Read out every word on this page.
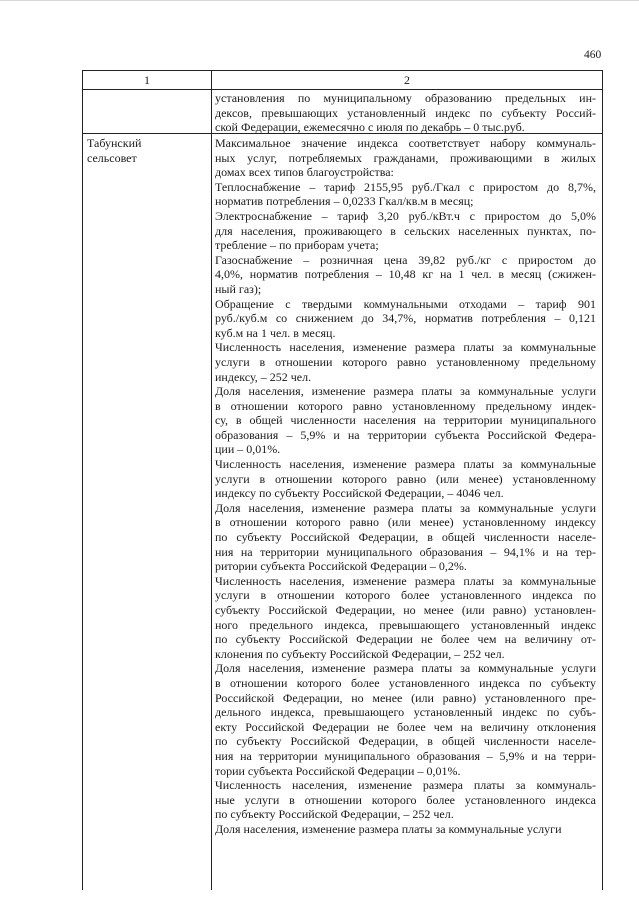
460
1	2
установления по муниципальному образованию предельных ин-
дексов, превышающих установленный индекс по субъекту Россий-
ской Федерации, ежемесячно с июля по декабрь – 0 тыс.руб.
Табунский
сельсовет
Максимальное значение индекса соответствует набору коммуналь-
ных услуг, потребляемых гражданами, проживающими в жилых
домах всех типов благоустройства:
Теплоснабжение – тариф 2155,95 руб./Гкал с приростом до 8,7%,
норматив потребления – 0,0233 Гкал/кв.м в месяц;
Электроснабжение – тариф 3,20 руб./кВт.ч с приростом до 5,0%
для населения, проживающего в сельских населенных пунктах, по-
требление – по приборам учета;
Газоснабжение – розничная цена 39,82 руб./кг с приростом до
4,0%, норматив потребления – 10,48 кг на 1 чел. в месяц (сжижен-
ный газ);
Обращение с твердыми коммунальными отходами – тариф 901
руб./куб.м со снижением до 34,7%, норматив потребления – 0,121
куб.м на 1 чел. в месяц.
Численность населения, изменение размера платы за коммунальные
услуги в отношении которого равно установленному предельному
индексу, – 252 чел.
Доля населения, изменение размера платы за коммунальные услуги
в отношении которого равно установленному предельному индек-
су, в общей численности населения на территории муниципального
образования – 5,9% и на территории субъекта Российской Федера-
ции – 0,01%.
Численность населения, изменение размера платы за коммунальные
услуги в отношении которого равно (или менее) установленному
индексу по субъекту Российской Федерации, – 4046 чел.
Доля населения, изменение размера платы за коммунальные услуги
в отношении которого равно (или менее) установленному индексу
по субъекту Российской Федерации, в общей численности населе-
ния на территории муниципального образования – 94,1% и на тер-
ритории субъекта Российской Федерации – 0,2%.
Численность населения, изменение размера платы за коммунальные
услуги в отношении которого более установленного индекса по
субъекту Российской Федерации, но менее (или равно) установлен-
ного предельного индекса, превышающего установленный индекс
по субъекту Российской Федерации не более чем на величину от-
клонения по субъекту Российской Федерации, – 252 чел.
Доля населения, изменение размера платы за коммунальные услуги
в отношении которого более установленного индекса по субъекту
Российской Федерации, но менее (или равно) установленного пре-
дельного индекса, превышающего установленный индекс по субъ-
екту Российской Федерации не более чем на величину отклонения
по субъекту Российской Федерации, в общей численности населе-
ния на территории муниципального образования – 5,9% и на терри-
тории субъекта Российской Федерации – 0,01%.
Численность населения, изменение размера платы за коммуналь-
ные услуги в отношении которого более установленного индекса
по субъекту Российской Федерации, – 252 чел.
Доля населения, изменение размера платы за коммунальные услуги
